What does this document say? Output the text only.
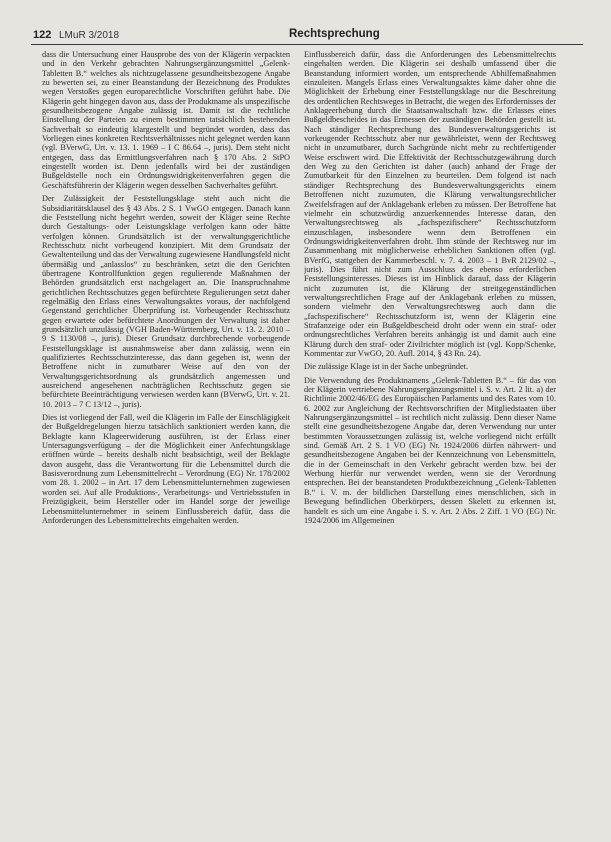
122 LMuR 3/2018	Rechtsprechung

dass die Untersuchung einer Hausprobe des von der Klägerin verpackten und in den Verkehr gebrachten Nahrungsergänzungsmittel „Gelenk-Tabletten B.“ welches als nichtzugelassene gesundheitsbezogene Angabe zu bewerten sei, zu einer Beanstandung der Bezeichnung des Produktes wegen Verstoßes gegen europarechtliche Vorschriften geführt habe. Die Klägerin geht hingegen davon aus, dass der Produktname als unspezifische gesundheitsbezogene Angabe zulässig ist. Damit ist die rechtliche Einstellung der Parteien zu einem bestimmten tatsächlich bestehenden Sachverhalt so eindeutig klargestellt und begründet worden, dass das Vorliegen eines konkreten Rechtsverhältnisses nicht gelegnet werden kann (vgl. BVerwG, Urt. v. 13. 1. 1969 – I C 86.64 –, juris). Dem steht nicht entgegen, dass das Ermittlungsverfahren nach § 170 Abs. 2 StPO eingestellt worden ist. Denn jedenfalls wird bei der zuständigen Bußgeldstelle noch ein Ordnungswidrigkeitenverfahren gegen die Geschäftsführerin der Klägerin wegen desselben Sachverhaltes geführt.

Der Zulässigkeit der Feststellungsklage steht auch nicht die Subsidiaritätsklausel des § 43 Abs. 2 S. 1 VwGO entgegen. Danach kann die Feststellung nicht begehrt werden, soweit der Kläger seine Rechte durch Gestaltungs- oder Leistungsklage verfolgen kann oder hätte verfolgen können. Grundsätzlich ist der verwaltungsgerichtliche Rechtsschutz nicht vorbeugend konzipiert. Mit dem Grundsatz der Gewaltenteilung und das der Verwaltung zugewiesene Handlungsfeld nicht übermäßig und „anlasslos“ zu beschränken, setzt die den Gerichten übertragene Kontrollfunktion gegen regulierende Maßnahmen der Behörden grundsätzlich erst nachgelagert an. Die Inanspruchnahme gerichtlichen Rechtsschutzes gegen befürchtete Regulierungen setzt daher regelmäßig den Erlass eines Verwaltungsaktes voraus, der nachfolgend Gegenstand gerichtlicher Überprüfung ist. Vorbeugender Rechtsschutz gegen erwartete oder befürchtete Anordnungen der Verwaltung ist daher grundsätzlich unzulässig (VGH Baden-Württemberg, Urt. v. 13. 2. 2010 – 9 S 1130/08 –, juris). Dieser Grundsatz durchbrechende vorbeugende Feststellungsklage ist ausnahmsweise aber dann zulässig, wenn ein qualifiziertes Rechtsschutzinteresse, das dann gegeben ist, wenn der Betroffene nicht in zumutbarer Weise auf den von der Verwaltungsgerichtsordnung als grundsätzlich angemessen und ausreichend angesehenen nachträglichen Rechtsschutz gegen sie befürchtete Beeinträchtigung verwiesen werden kann (BVerwG, Urt. v. 21. 10. 2013 – 7 C 13/12 –, juris).

Dies ist vorliegend der Fall, weil die Klägerin im Falle der Einschlägigkeit der Bußgeldregelungen hierzu tatsächlich sanktioniert werden kann, die Beklagte kann Klageerwiderung ausführen, ist der Erlass einer Untersagungsverfügung – der die Möglichkeit einer Anfechtungsklage eröffnen würde – bereits deshalb nicht beabsichtigt, weil der Beklagte davon ausgeht, dass die Verantwortung für die Lebensmittel durch die Basisverordnung zum Lebensmittelrecht – Verordnung (EG) Nr. 178/2002 vom 28. 1. 2002 – in Art. 17 dem Lebensmittelunternehmen zugewiesen worden sei. Auf alle Produktions-, Verarbeitungs- und Vertriebsstufen in Freizügigkeit, beim Hersteller oder im Handel sorge der jeweilige Lebensmittelunternehmer in seinem Einflussbereich dafür, dass die Anforderungen des Lebensmittelrechts eingehalten werden.

Einflussbereich dafür, dass die Anforderungen des Lebensmittelrechts eingehalten werden. Die Klägerin sei deshalb umfassend über die Beanstandung informiert worden, um entsprechende Abhilfemaßnahmen einzuleiten. Mangels Erlass eines Verwaltungsaktes käme daher ohne die Möglichkeit der Erhebung einer Feststellungsklage nur die Beschreitung des ordentlichen Rechtsweges in Betracht, die wegen des Erfordernisses der Anklageerhebung durch die Staatsanwaltschaft bzw. die Erlasses eines Bußgeldbescheides in das Ermessen der zuständigen Behörden gestellt ist. Nach ständiger Rechtsprechung des Bundesverwaltungsgerichts ist vorkeugender Rechtsschutz aber nur gewährleistet, wenn der Rechtsweg nicht in unzumutbarer, durch Sachgründe nicht mehr zu rechtfertigender Weise erschwert wird. Die Effektivität der Rechtsschutzgewährung durch den Weg zu den Gerichten ist daher (auch) anhand der Frage der Zumutbarkeit für den Einzelnen zu beurteilen. Dem folgend ist nach ständiger Rechtsprechung des Bundesverwaltungsgerichts einem Betroffenen nicht zuzumuten, die Klärung verwaltungsrechtlicher Zweifelsfragen auf der Anklagebank erleben zu müssen. Der Betroffene hat vielmehr ein schutzwürdig anzuerkennendes Interesse daran, den Verwaltungsrechtsweg als „fachspezifischere“ Rechtsschutzform einzuschlagen, insbesondere wenn dem Betroffenen ein Ordnungswidrigkeitenverfahren droht. Ihm stünde der Rechtsweg nur im Zusammenhang mit möglicherweise erheblichen Sanktionen offen (vgl. BVerfG, stattgeben der Kammerbeschl. v. 7. 4. 2003 – 1 BvR 2129/02 –, juris). Dies führt nicht zum Ausschluss des ebenso erforderlichen Feststellungsinteresses. Dieses ist im Hinblick darauf, dass der Klägerin nicht zuzumuten ist, die Klärung der streitgegenständlichen verwaltungsrechtlichen Frage auf der Anklagebank erleben zu müssen, sondern vielmehr den Verwaltungsrechtsweg auch dann die „fachspezifischere“ Rechtsschutzform ist, wenn der Klägerin eine Strafanzeige oder ein Bußgeldbescheid droht oder wenn ein straf- oder ordnungsrechtliches Verfahren bereits anhängig ist und damit auch eine Klärung durch den straf- oder Zivilrichter möglich ist (vgl. Kopp/Schenke, Kommentar zur VwGO, 20. Aufl. 2014, § 43 Rn. 24).

Die zulässige Klage ist in der Sache unbegründet.

Die Verwendung des Produktnamens „Gelenk-Tabletten B.“ – für das von der Klägerin vertriebene Nahrungsergänzungsmittel i. S. v. Art. 2 lit. a) der Richtlinie 2002/46/EG des Europäischen Parlaments und des Rates vom 10. 6. 2002 zur Angleichung der Rechtsvorschriften der Mitgliedstaaten über Nahrungsergänzungsmittel – ist rechtlich nicht zulässig. Denn dieser Name stellt eine gesundheitsbezogene Angabe dar, deren Verwendung nur unter bestimmten Voraussetzungen zulässig ist, welche vorliegend nicht erfüllt sind. Gemäß Art. 2 S. 1 VO (EG) Nr. 1924/2006 dürfen nährwert- und gesundheitsbezogene Angaben bei der Kennzeichnung von Lebensmitteln, die in der Gemeinschaft in den Verkehr gebracht werden bzw. bei der Werbung hierfür nur verwendet werden, wenn sie der Verordnung entsprechen. Bei der beanstandeten Produktbezeichnung „Gelenk-Tabletten B.“ i. V. m. der bildlichen Darstellung eines menschlichen, sich in Bewegung befindlichen Oberkörpers, dessen Skelett zu erkennen ist, handelt es sich um eine Angabe i. S. v. Art. 2 Abs. 2 Ziff. 1 VO (EG) Nr. 1924/2006 im Allgemeinen
